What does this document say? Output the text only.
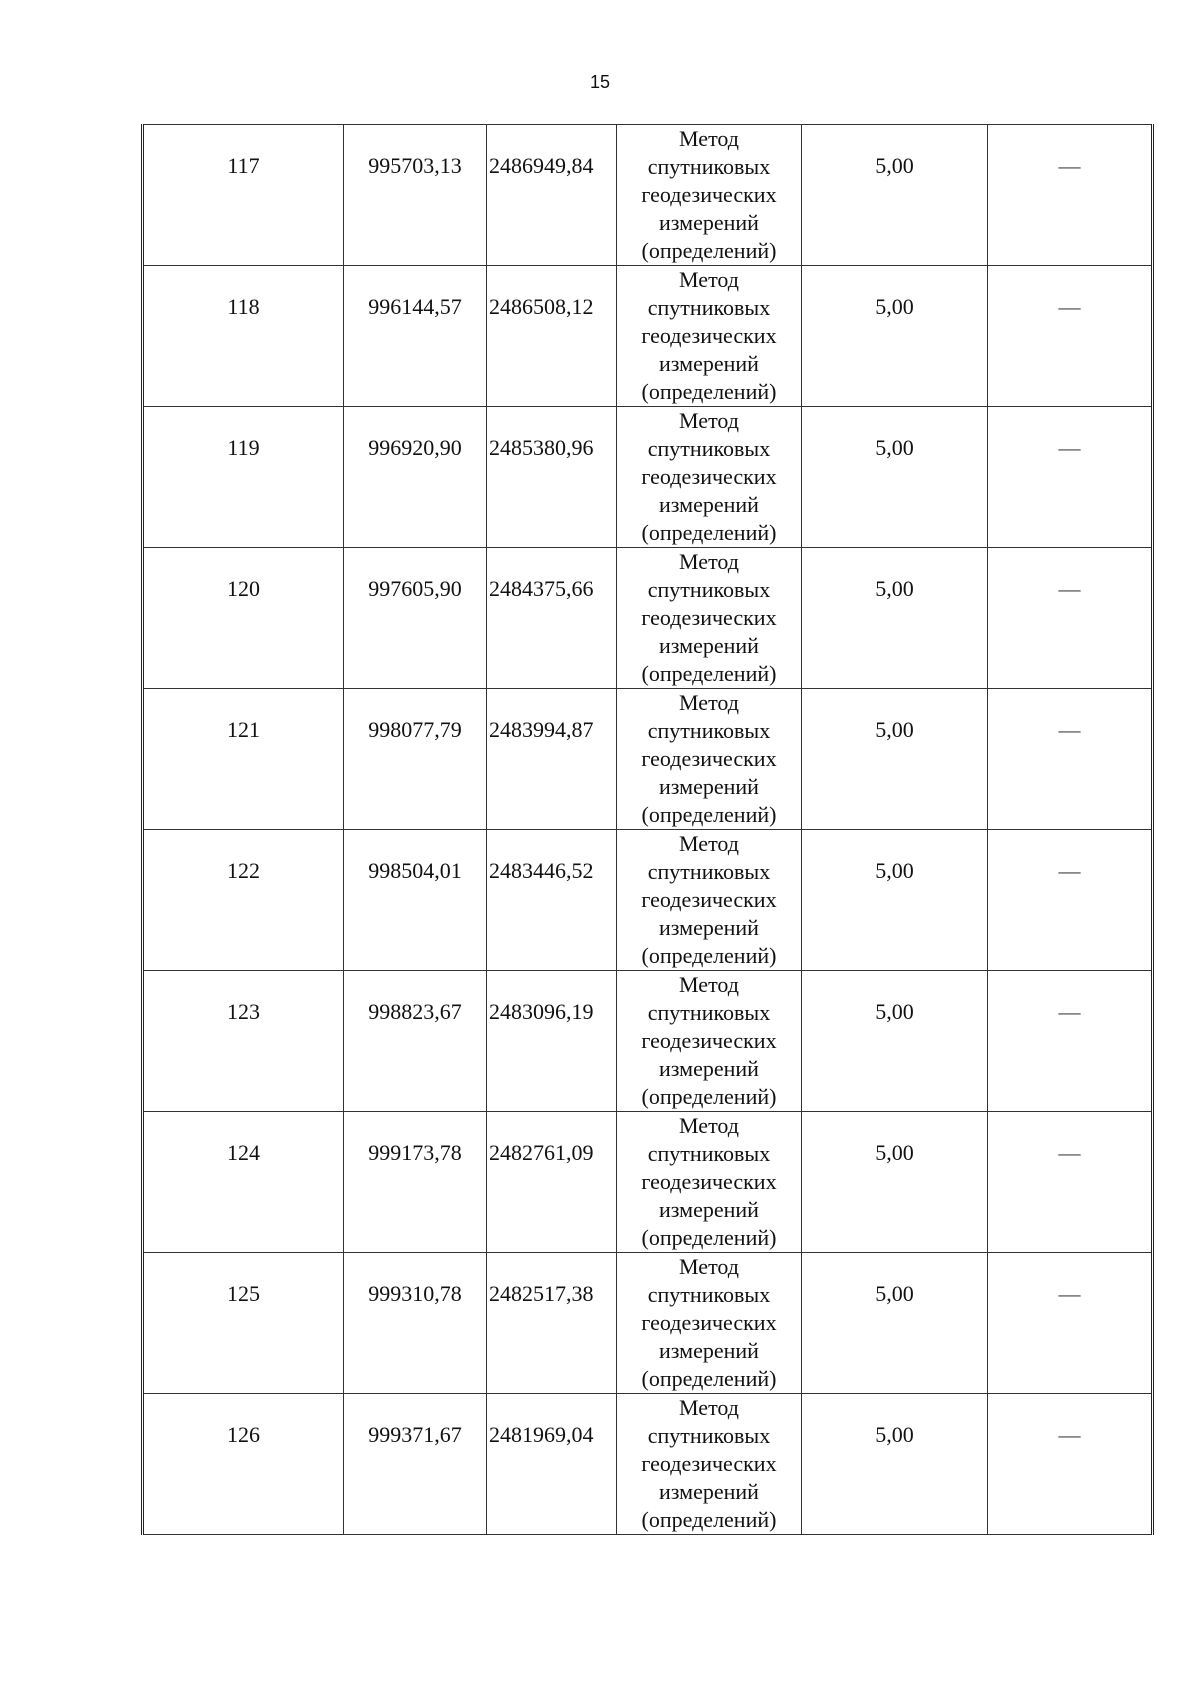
15
117	995703,13	2486949,84	Метод спутниковых геодезических измерений (определений)	5,00	—
118	996144,57	2486508,12	Метод спутниковых геодезических измерений (определений)	5,00	—
119	996920,90	2485380,96	Метод спутниковых геодезических измерений (определений)	5,00	—
120	997605,90	2484375,66	Метод спутниковых геодезических измерений (определений)	5,00	—
121	998077,79	2483994,87	Метод спутниковых геодезических измерений (определений)	5,00	—
122	998504,01	2483446,52	Метод спутниковых геодезических измерений (определений)	5,00	—
123	998823,67	2483096,19	Метод спутниковых геодезических измерений (определений)	5,00	—
124	999173,78	2482761,09	Метод спутниковых геодезических измерений (определений)	5,00	—
125	999310,78	2482517,38	Метод спутниковых геодезических измерений (определений)	5,00	—
126	999371,67	2481969,04	Метод спутниковых геодезических измерений (определений)	5,00	—
